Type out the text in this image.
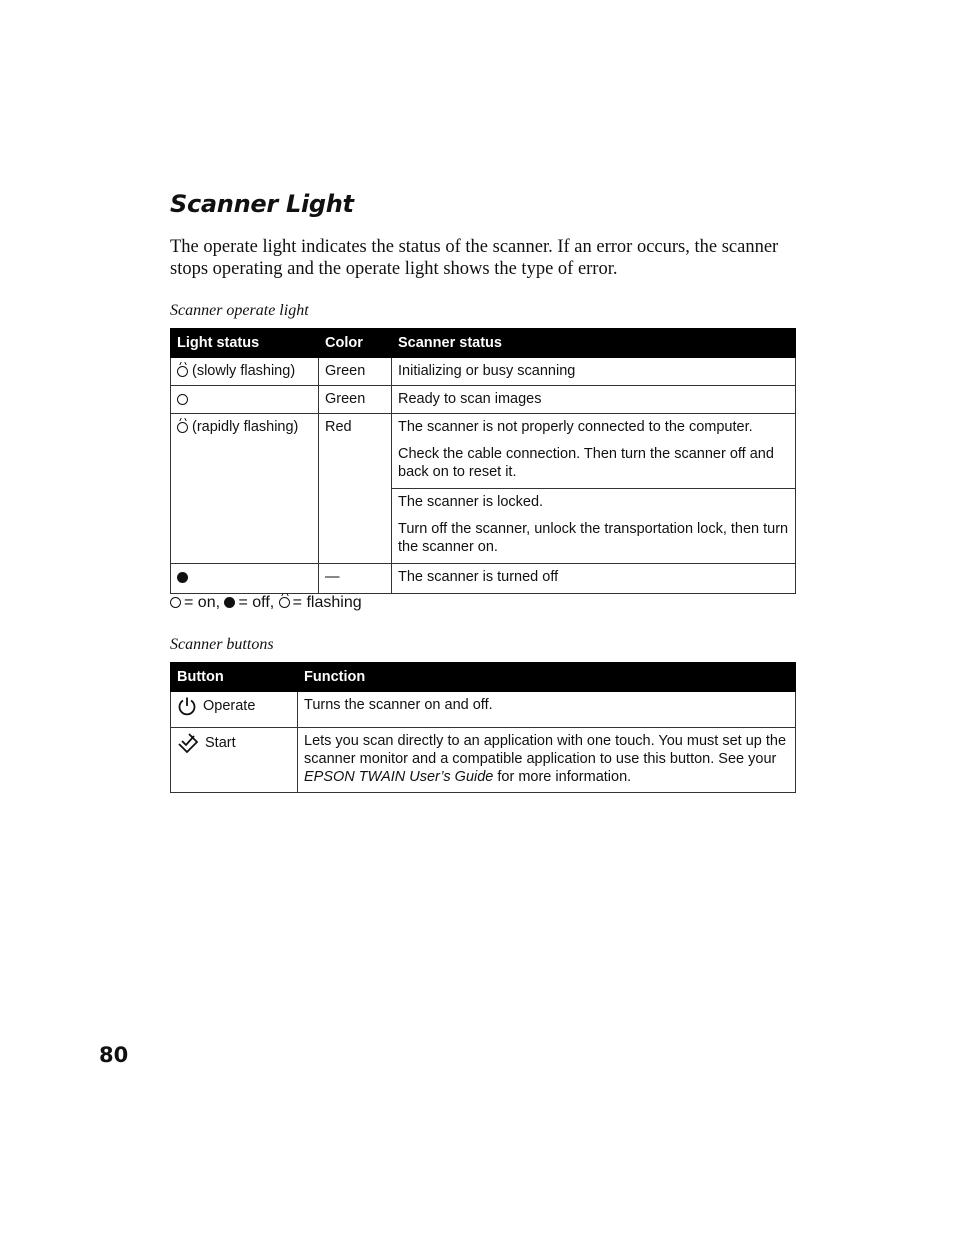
Scanner Light

The operate light indicates the status of the scanner. If an error occurs, the scanner stops operating and the operate light shows the type of error.

Scanner operate light

Light status	Color	Scanner status
(slowly flashing)	Green	Initializing or busy scanning

	Green	Ready to scan images

(rapidly flashing)	Red	The scanner is not properly connected to the computer.

Check the cable connection. Then turn the scanner off and back on to reset it.

		The scanner is locked.

Turn off the scanner, unlock the transportation lock, then turn the scanner on.

	—	The scanner is turned off

= on, = off, = flashing

Scanner buttons

Button	Function
Operate	Turns the scanner on and off.
Start	Lets you scan directly to an application with one touch. You must set up the scanner monitor and a compatible application to use this button. See your EPSON TWAIN User’s Guide for more information.

80
